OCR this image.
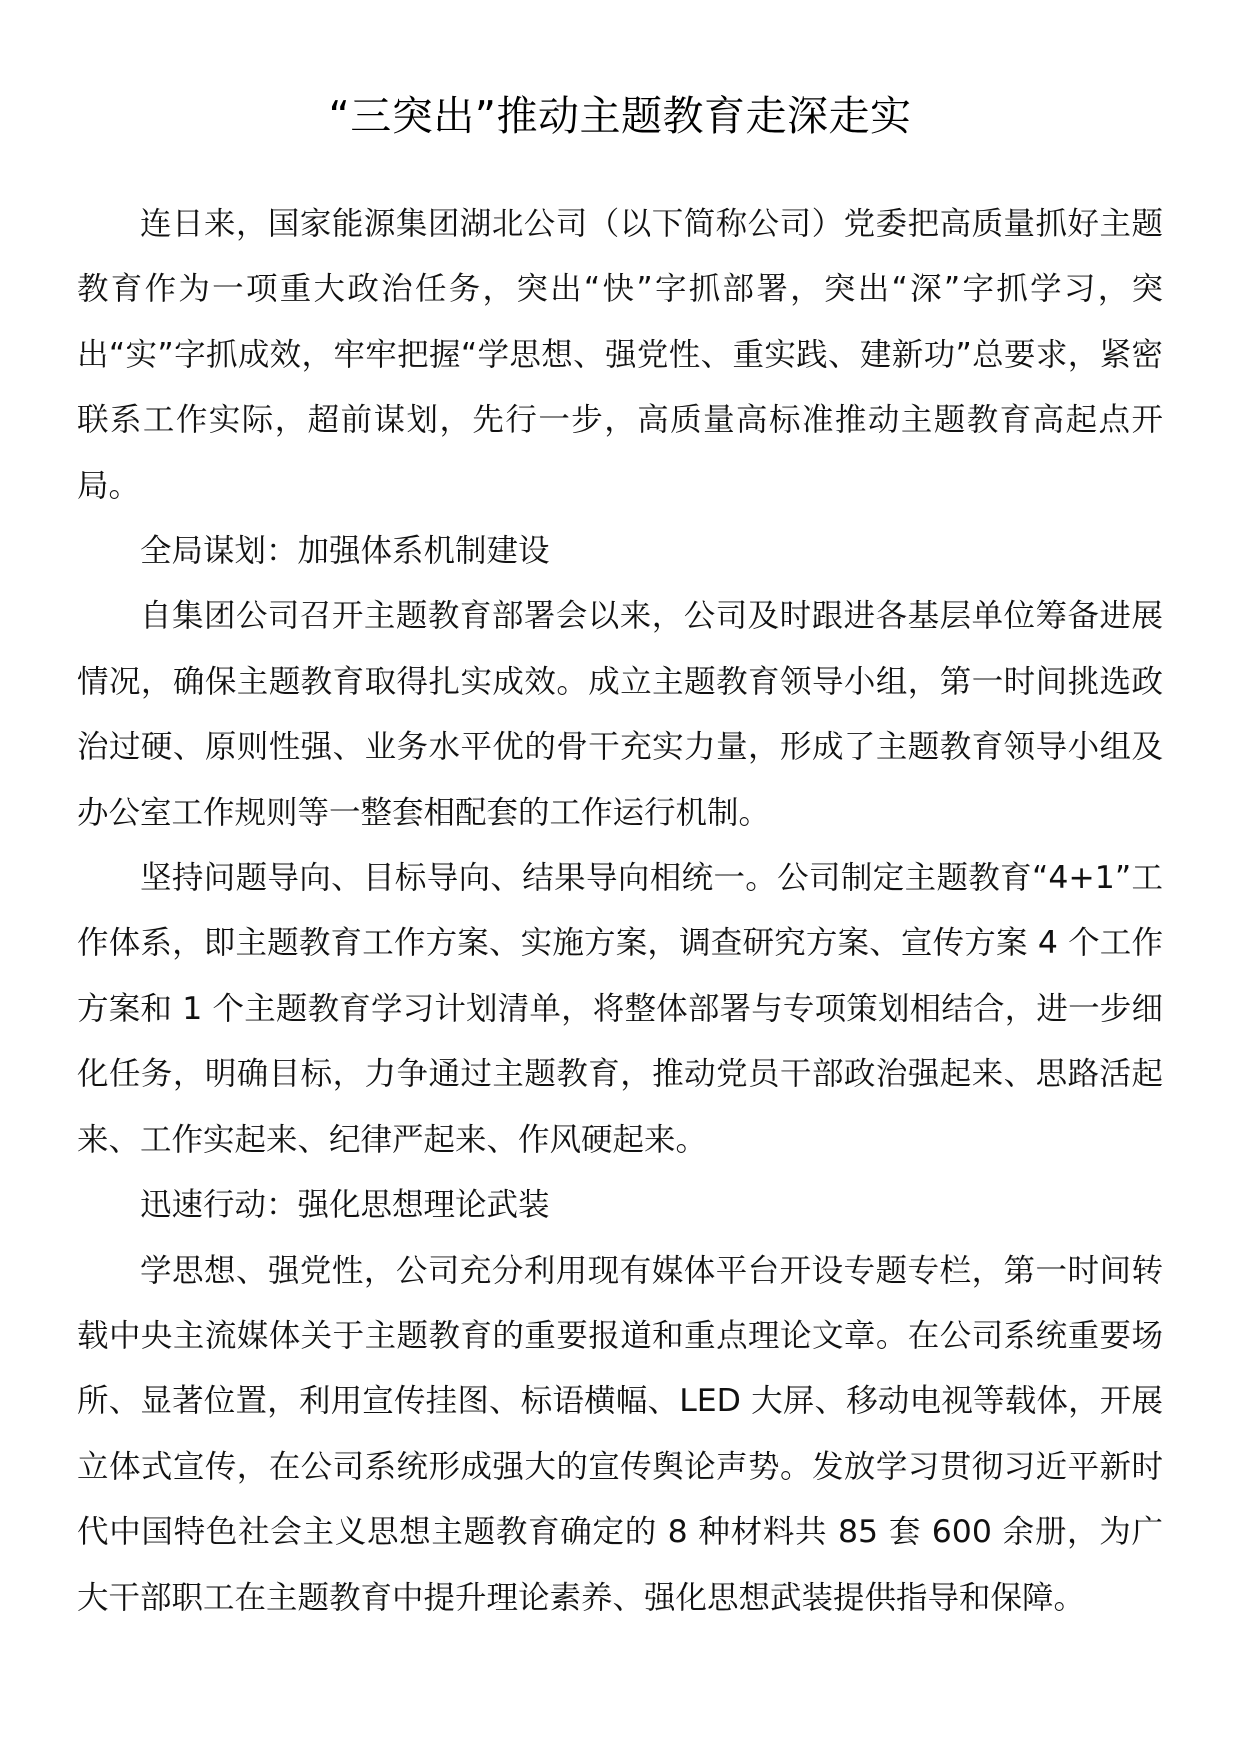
“三突出”推动主题教育走深走实

连日来，国家能源集团湖北公司（以下简称公司）党委把高质量抓好主题教育作为一项重大政治任务，突出“快”字抓部署，突出“深”字抓学习，突出“实”字抓成效，牢牢把握“学思想、强党性、重实践、建新功”总要求，紧密联系工作实际，超前谋划，先行一步，高质量高标准推动主题教育高起点开局。

全局谋划：加强体系机制建设

自集团公司召开主题教育部署会以来，公司及时跟进各基层单位筹备进展情况，确保主题教育取得扎实成效。成立主题教育领导小组，第一时间挑选政治过硬、原则性强、业务水平优的骨干充实力量，形成了主题教育领导小组及办公室工作规则等一整套相配套的工作运行机制。

坚持问题导向、目标导向、结果导向相统一。公司制定主题教育“4+1”工作体系，即主题教育工作方案、实施方案，调查研究方案、宣传方案 4 个工作方案和 1 个主题教育学习计划清单，将整体部署与专项策划相结合，进一步细化任务，明确目标，力争通过主题教育，推动党员干部政治强起来、思路活起来、工作实起来、纪律严起来、作风硬起来。

迅速行动：强化思想理论武装

学思想、强党性，公司充分利用现有媒体平台开设专题专栏，第一时间转载中央主流媒体关于主题教育的重要报道和重点理论文章。在公司系统重要场所、显著位置，利用宣传挂图、标语横幅、LED 大屏、移动电视等载体，开展立体式宣传，在公司系统形成强大的宣传舆论声势。发放学习贯彻习近平新时代中国特色社会主义思想主题教育确定的 8 种材料共 85 套 600 余册，为广大干部职工在主题教育中提升理论素养、强化思想武装提供指导和保障。
